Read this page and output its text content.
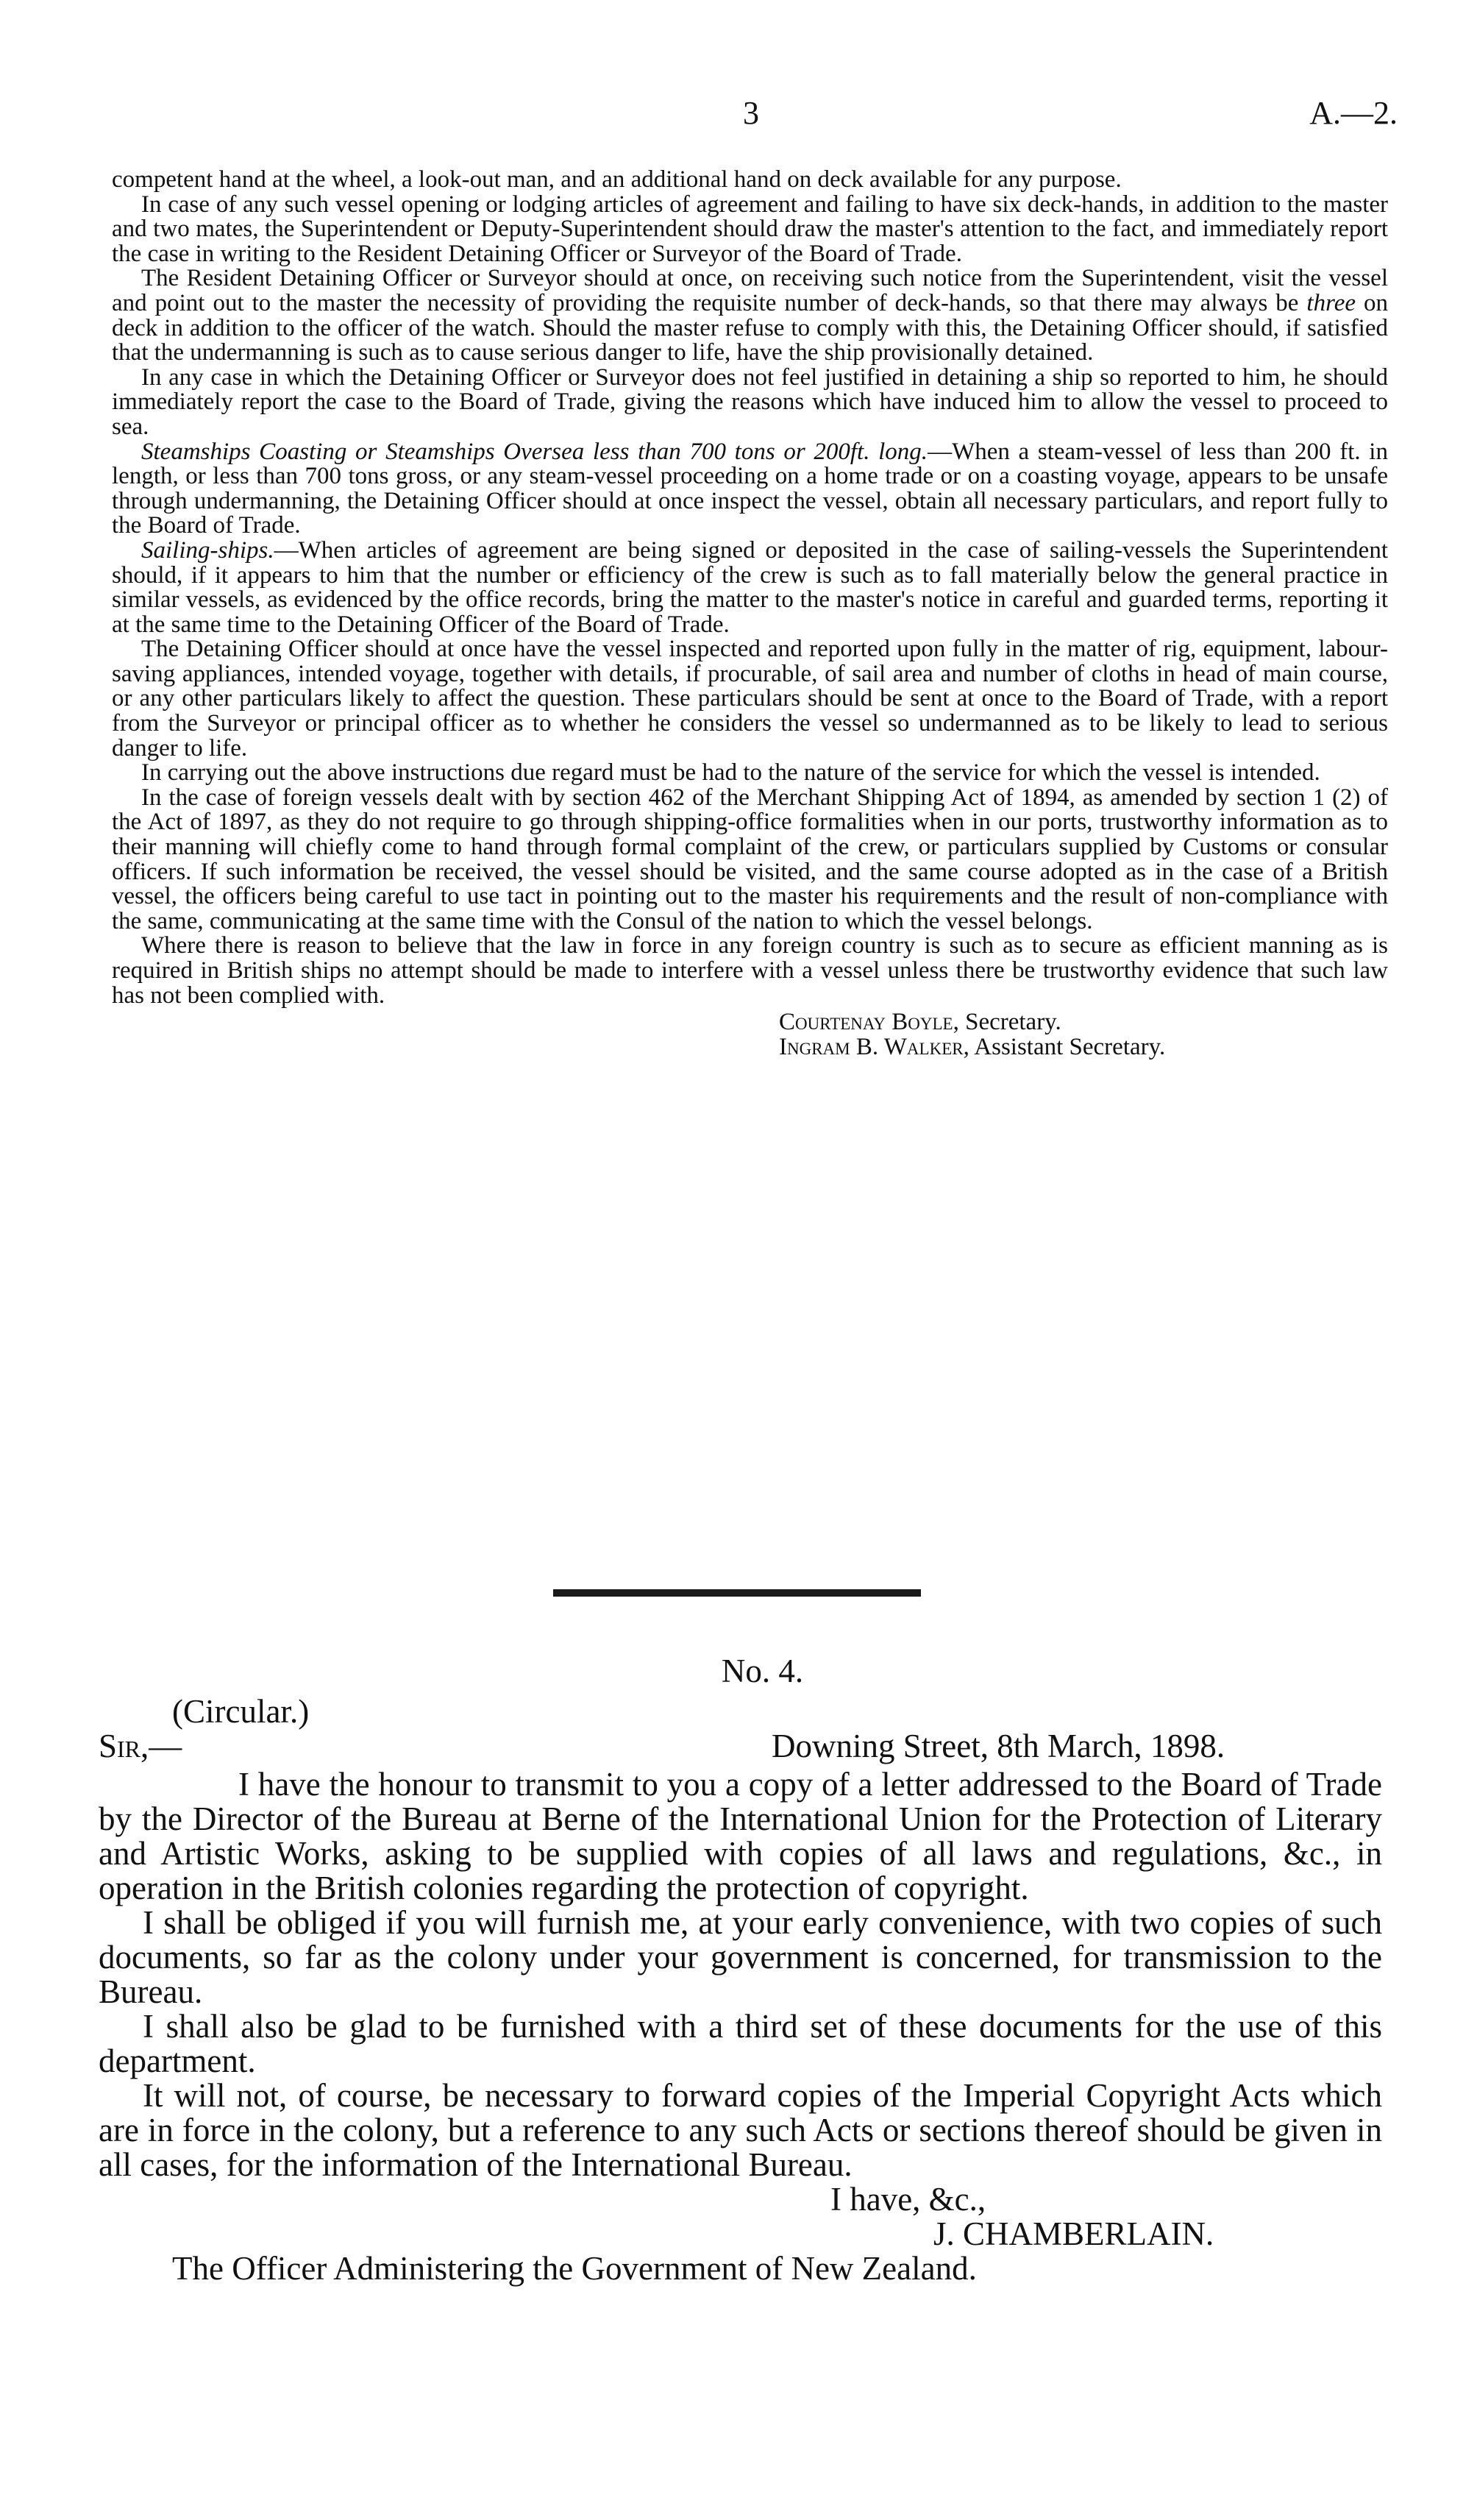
3	A.—2.

competent hand at the wheel, a look-out man, and an additional hand on deck available for any purpose.

In case of any such vessel opening or lodging articles of agreement and failing to have six deck-hands, in addition to the master and two mates, the Superintendent or Deputy-Superintendent should draw the master's attention to the fact, and immediately report the case in writing to the Resident Detaining Officer or Surveyor of the Board of Trade.

The Resident Detaining Officer or Surveyor should at once, on receiving such notice from the Superintendent, visit the vessel and point out to the master the necessity of providing the requisite number of deck-hands, so that there may always be three on deck in addition to the officer of the watch. Should the master refuse to comply with this, the Detaining Officer should, if satisfied that the undermanning is such as to cause serious danger to life, have the ship provisionally detained.

In any case in which the Detaining Officer or Surveyor does not feel justified in detaining a ship so reported to him, he should immediately report the case to the Board of Trade, giving the reasons which have induced him to allow the vessel to proceed to sea.

Steamships Coasting or Steamships Oversea less than 700 tons or 200ft. long.—When a steam-vessel of less than 200 ft. in length, or less than 700 tons gross, or any steam-vessel proceeding on a home trade or on a coasting voyage, appears to be unsafe through undermanning, the Detaining Officer should at once inspect the vessel, obtain all necessary particulars, and report fully to the Board of Trade.

Sailing-ships.—When articles of agreement are being signed or deposited in the case of sailing-vessels the Superintendent should, if it appears to him that the number or efficiency of the crew is such as to fall materially below the general practice in similar vessels, as evidenced by the office records, bring the matter to the master's notice in careful and guarded terms, reporting it at the same time to the Detaining Officer of the Board of Trade.

The Detaining Officer should at once have the vessel inspected and reported upon fully in the matter of rig, equipment, labour-saving appliances, intended voyage, together with details, if procurable, of sail area and number of cloths in head of main course, or any other particulars likely to affect the question. These particulars should be sent at once to the Board of Trade, with a report from the Surveyor or principal officer as to whether he considers the vessel so undermanned as to be likely to lead to serious danger to life.

In carrying out the above instructions due regard must be had to the nature of the service for which the vessel is intended.

In the case of foreign vessels dealt with by section 462 of the Merchant Shipping Act of 1894, as amended by section 1 (2) of the Act of 1897, as they do not require to go through shipping-office formalities when in our ports, trustworthy information as to their manning will chiefly come to hand through formal complaint of the crew, or particulars supplied by Customs or consular officers. If such information be received, the vessel should be visited, and the same course adopted as in the case of a British vessel, the officers being careful to use tact in pointing out to the master his requirements and the result of non-compliance with the same, communicating at the same time with the Consul of the nation to which the vessel belongs.

Where there is reason to believe that the law in force in any foreign country is such as to secure as efficient manning as is required in British ships no attempt should be made to interfere with a vessel unless there be trustworthy evidence that such law has not been complied with.

Courtenay Boyle, Secretary.
Ingram B. Walker, Assistant Secretary.
No. 4.
(Circular.)
Sir,—	Downing Street, 8th March, 1898.

I have the honour to transmit to you a copy of a letter addressed to the Board of Trade by the Director of the Bureau at Berne of the International Union for the Protection of Literary and Artistic Works, asking to be supplied with copies of all laws and regulations, &c., in operation in the British colonies regarding the protection of copyright.

I shall be obliged if you will furnish me, at your early convenience, with two copies of such documents, so far as the colony under your government is concerned, for transmission to the Bureau.

I shall also be glad to be furnished with a third set of these documents for the use of this department.

It will not, of course, be necessary to forward copies of the Imperial Copyright Acts which are in force in the colony, but a reference to any such Acts or sections thereof should be given in all cases, for the information of the International Bureau.

I have, &c.,

J. CHAMBERLAIN.

The Officer Administering the Government of New Zealand.
